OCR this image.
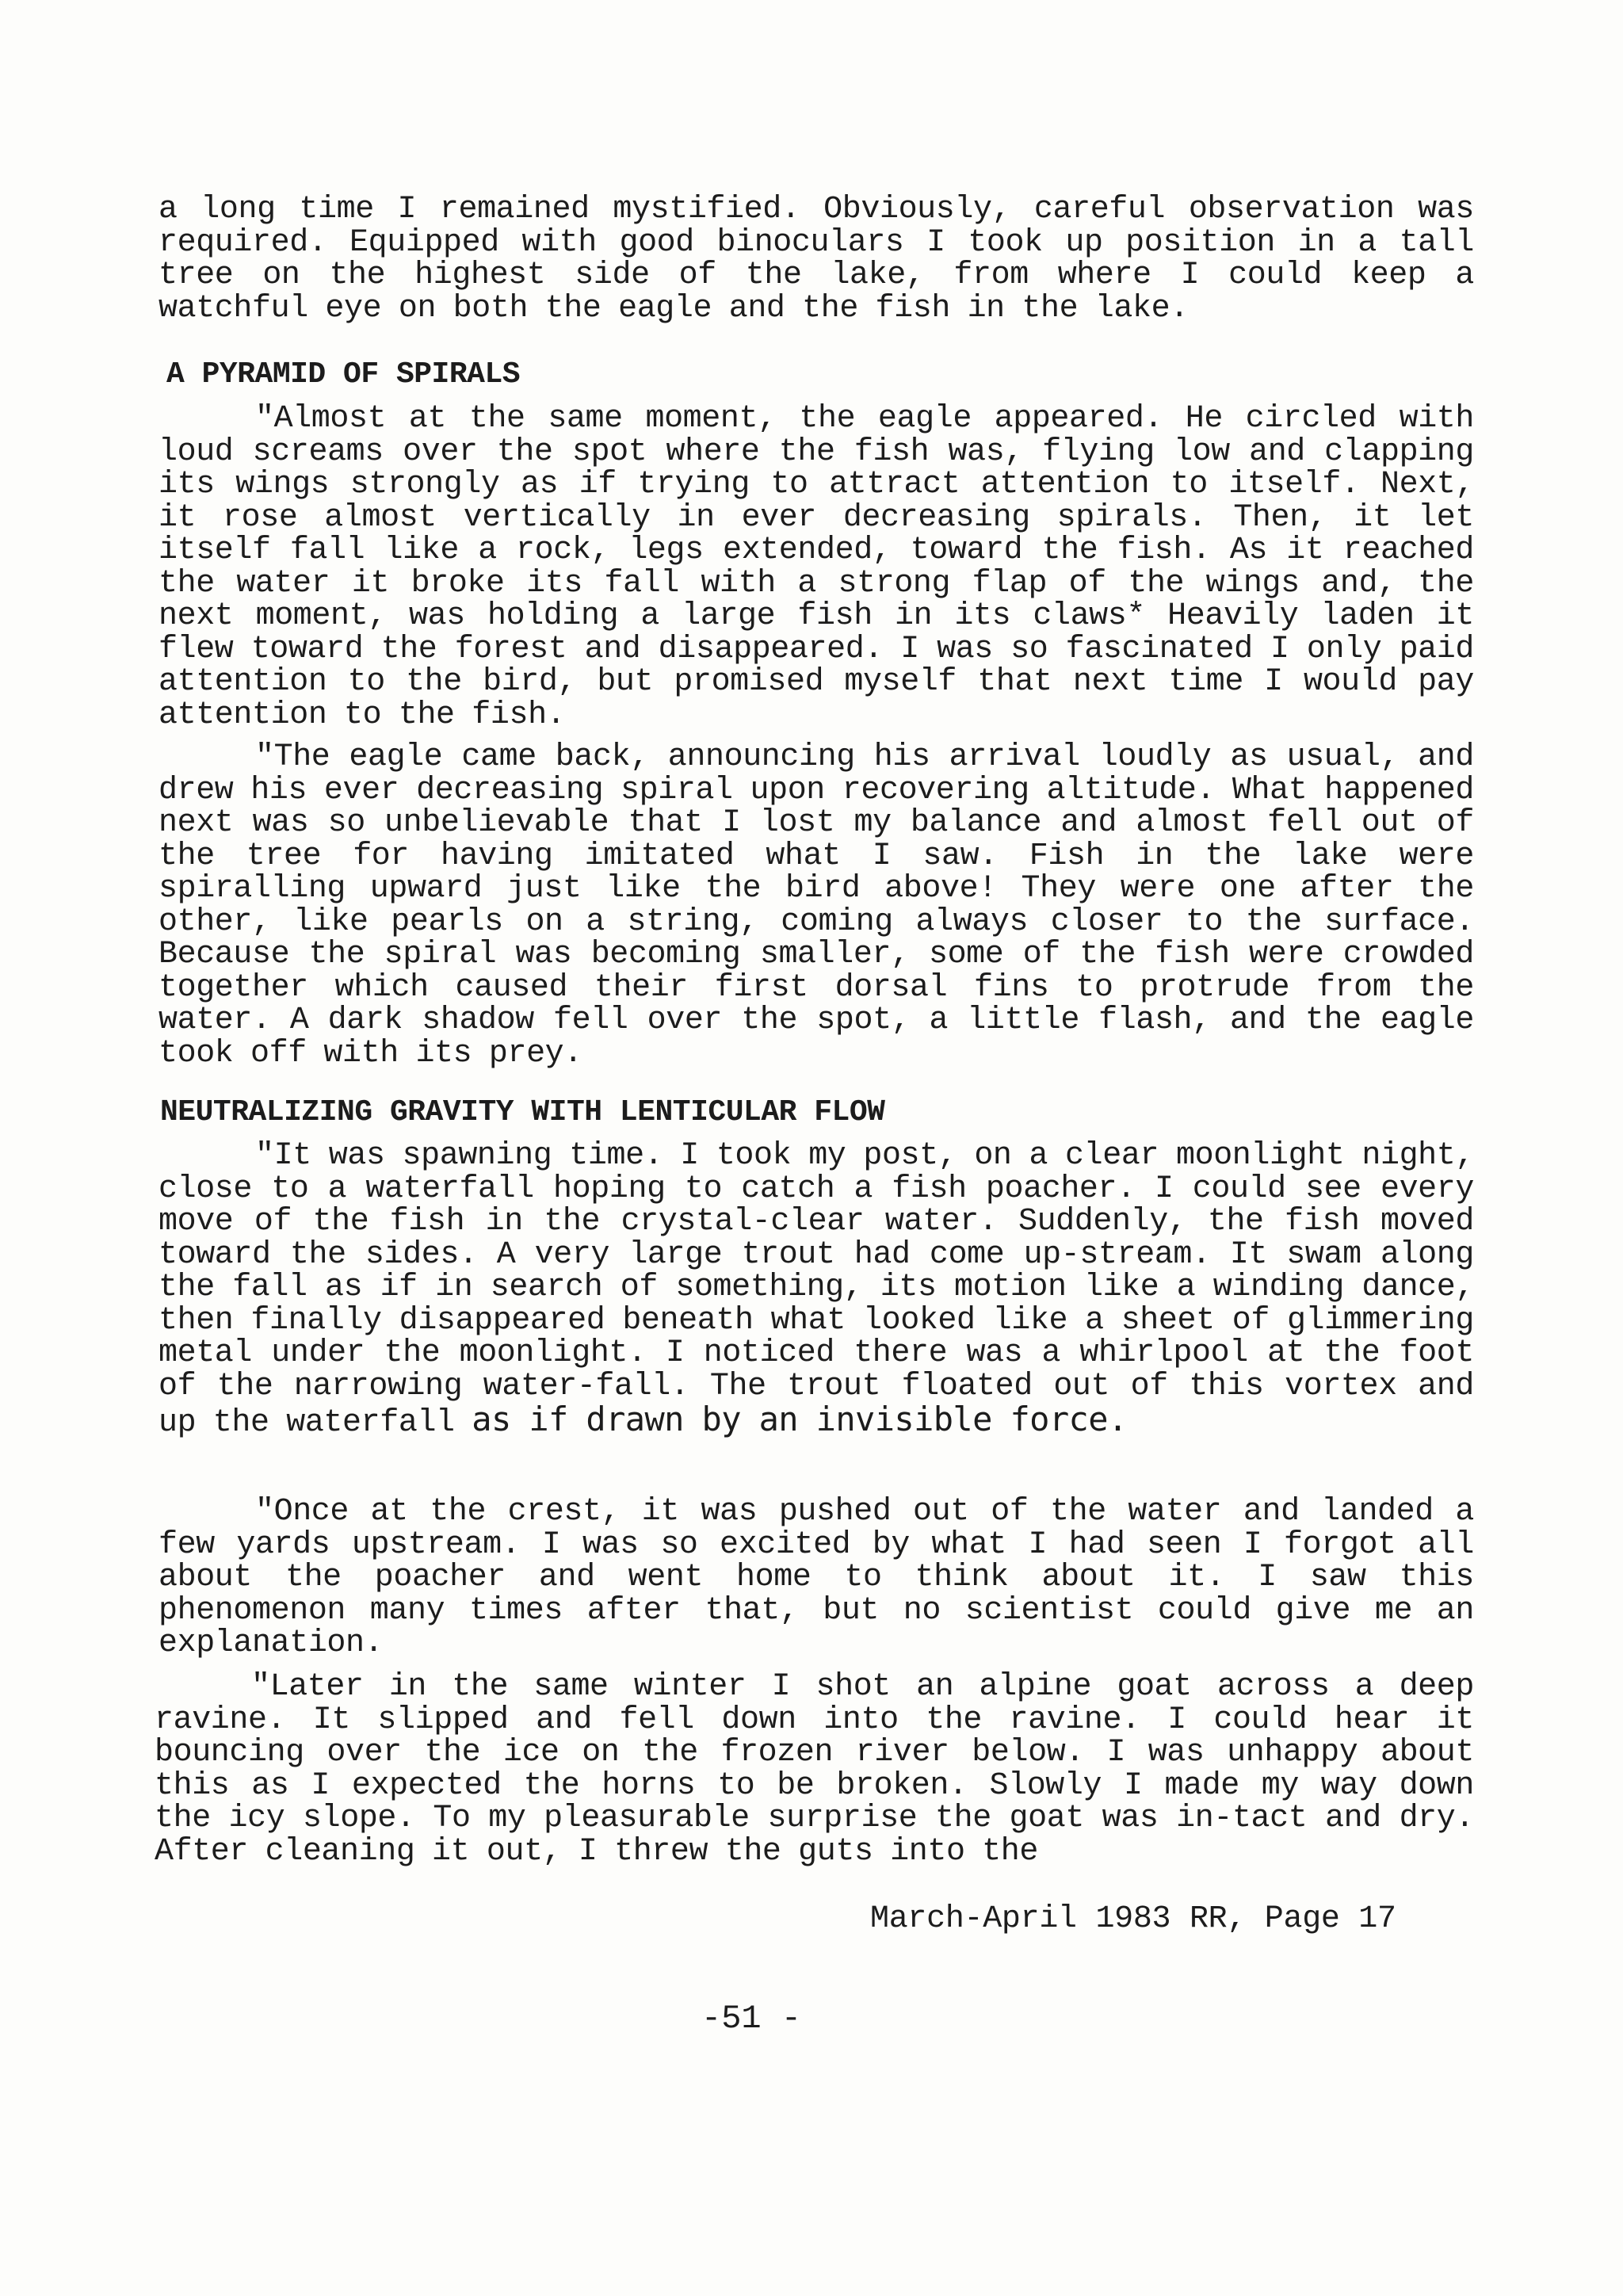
a long time I remained mystified. Obviously, careful observation was required. Equipped with good binoculars I took up position in a tall tree on the highest side of the lake, from where I could keep a watchful eye on both the eagle and the fish in the lake.

A PYRAMID OF SPIRALS

"Almost at the same moment, the eagle appeared. He circled with loud screams over the spot where the fish was, flying low and clapping its wings strongly as if trying to attract attention to itself. Next, it rose almost vertically in ever decreasing spirals. Then, it let itself fall like a rock, legs extended, toward the fish. As it reached the water it broke its fall with a strong flap of the wings and, the next moment, was holding a large fish in its claws* Heavily laden it flew toward the forest and disappeared. I was so fascinated I only paid attention to the bird, but promised myself that next time I would pay attention to the fish.

"The eagle came back, announcing his arrival loudly as usual, and drew his ever decreasing spiral upon recovering altitude. What happened next was so unbelievable that I lost my balance and almost fell out of the tree for having imitated what I saw. Fish in the lake were spiralling upward just like the bird above! They were one after the other, like pearls on a string, coming always closer to the surface. Because the spiral was becoming smaller, some of the fish were crowded together which caused their first dorsal fins to protrude from the water. A dark shadow fell over the spot, a little flash, and the eagle took off with its prey.

NEUTRALIZING GRAVITY WITH LENTICULAR FLOW

"It was spawning time. I took my post, on a clear moonlight night, close to a waterfall hoping to catch a fish poacher. I could see every move of the fish in the crystal-clear water. Suddenly, the fish moved toward the sides. A very large trout had come up-stream. It swam along the fall as if in search of something, its motion like a winding dance, then finally disappeared beneath what looked like a sheet of glimmering metal under the moonlight. I noticed there was a whirlpool at the foot of the narrowing water-fall. The trout floated out of this vortex and up the waterfall as if drawn by an invisible force.

"Once at the crest, it was pushed out of the water and landed a few yards upstream. I was so excited by what I had seen I forgot all about the poacher and went home to think about it. I saw this phenomenon many times after that, but no scientist could give me an explanation.

"Later in the same winter I shot an alpine goat across a deep ravine. It slipped and fell down into the ravine. I could hear it bouncing over the ice on the frozen river below. I was unhappy about this as I expected the horns to be broken. Slowly I made my way down the icy slope. To my pleasurable surprise the goat was in-tact and dry. After cleaning it out, I threw the guts into the

March-April 1983 RR, Page 17
-51 -
